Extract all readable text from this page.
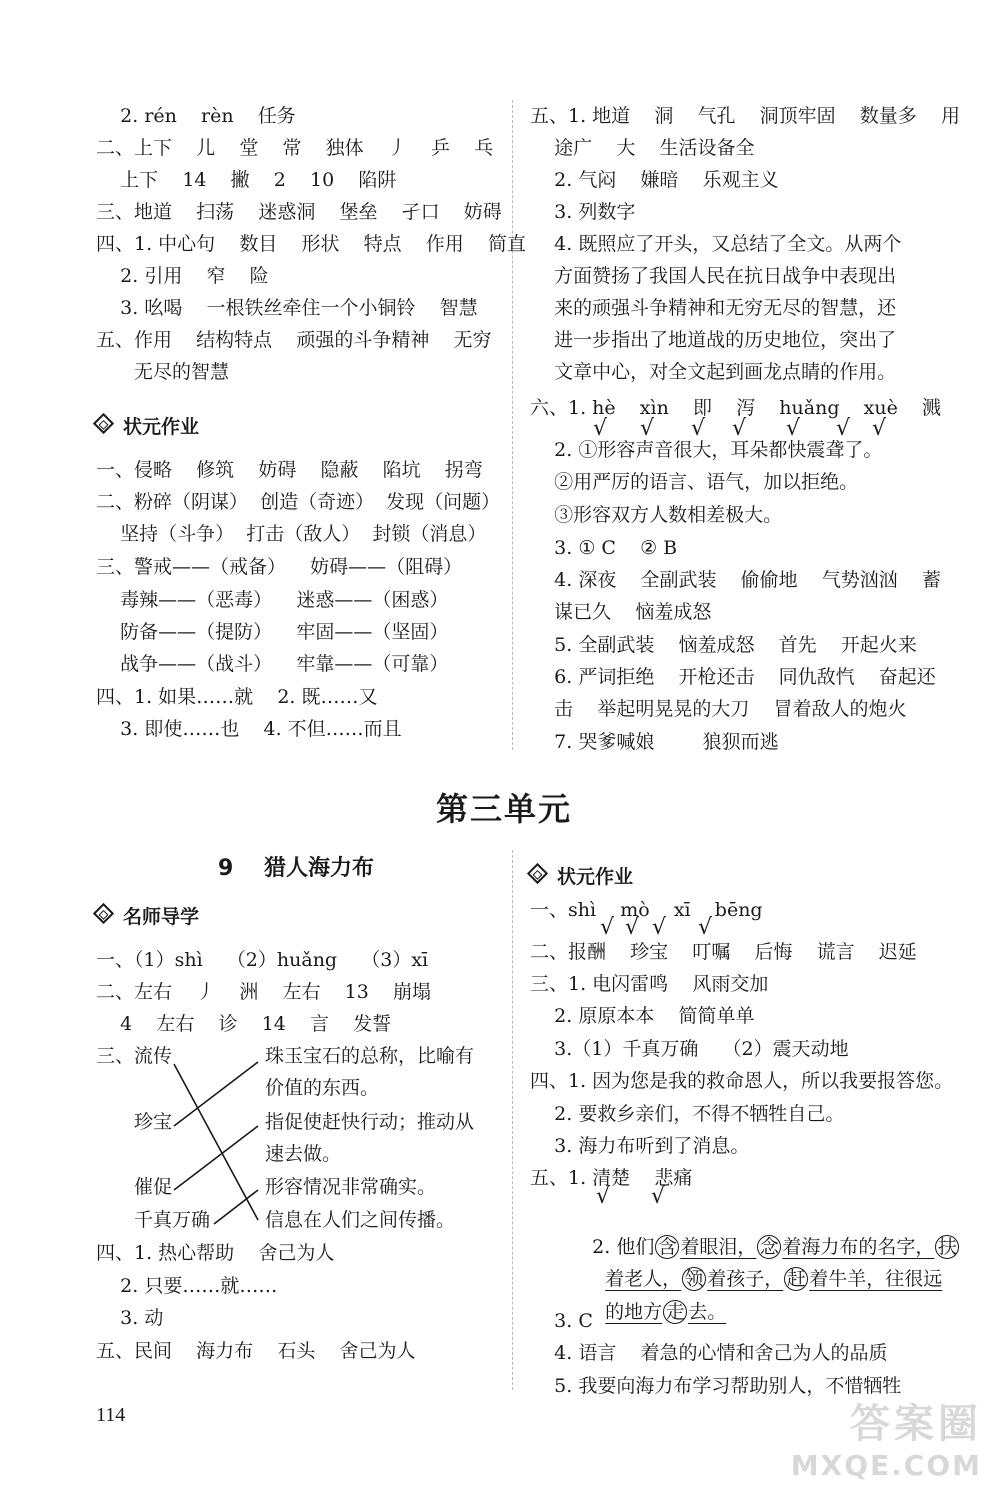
2. rén    rèn    任务
二、上下    儿    堂    常    独体    丿    乒    乓
上下    14    撇    2    10    陷阱
三、地道    扫荡    迷惑洞    堡垒    孑口    妨碍
四、1. 中心句    数目    形状    特点    作用    简直
2. 引用    窄    险
3. 吆喝    一根铁丝牵住一个小铜铃    智慧
五、作用    结构特点    顽强的斗争精神    无穷
无尽的智慧
状元作业
一、侵略    修筑    妨碍    隐蔽    陷坑    拐弯
二、粉碎（阴谋）  创造（奇迹）  发现（问题）
坚持（斗争）  打击（敌人）  封锁（消息）
三、警戒——（戒备）    妨碍——（阻碍）
毒辣——（恶毒）    迷惑——（困惑）
防备——（提防）    牢固——（坚固）
战争——（战斗）    牢靠——（可靠）
四、1. 如果……就    2. 既……又
3. 即使……也    4. 不但……而且
五、1. 地道    洞    气孔    洞顶牢固    数量多    用
途广    大    生活设备全
2. 气闷    嫌暗    乐观主义
3. 列数字
4. 既照应了开头，又总结了全文。从两个
方面赞扬了我国人民在抗日战争中表现出
来的顽强斗争精神和无穷无尽的智慧，还
进一步指出了地道战的历史地位，突出了
文章中心，对全文起到画龙点睛的作用。
六、1. hè    xìn    即    泻    huǎng    xuè    溅
√ √ √ √ √ √ √
2. ①形容声音很大，耳朵都快震聋了。
②用严厉的语言、语气，加以拒绝。
③形容双方人数相差极大。
3. ① C    ② B
4. 深夜    全副武装    偷偷地    气势汹汹    蓄
谋已久    恼羞成怒
5. 全副武装    恼羞成怒    首先    开起火来
6. 严词拒绝    开枪还击    同仇敌忾    奋起还
击    举起明晃晃的大刀    冒着敌人的炮火
7. 哭爹喊娘        狼狈而逃
第三单元
9    猎人海力布
名师导学
一、（1）shì    （2）huǎng    （3）xī
二、左右    丿    洲    左右    13    崩塌
4    左右    诊    14    言    发誓
三、 流传
珍宝
催促
千真万确
珠玉宝石的总称，比喻有
价值的东西。
指促使赶快行动；推动从
速去做。
形容情况非常确实。
信息在人们之间传播。
四、1. 热心帮助    舍己为人
2. 只要……就……
3. 动
五、民间    海力布    石头    舍己为人
状元作业
一、shì    mò    xī    bēng
√ √ √ √
二、报酬    珍宝    叮嘱    后悔    谎言    迟延
三、1. 电闪雷鸣    风雨交加
2. 原原本本    简简单单
3.（1）千真万确    （2）震天动地
四、1. 因为您是我的救命恩人，所以我要报答您。
2. 要救乡亲们，不得不牺牲自己。
3. 海力布听到了消息。
五、1. 清楚    悲痛
√ √

2. 他们 含 着眼泪， 念 着海力布的名字， 扶

着老人， 领 着孩子， 赶 着牛羊，往很远

的地方 走 去。

3. C
4. 语言    着急的心情和舍己为人的品质
5. 我要向海力布学习帮助别人，不惜牺牲
114	答案圈
MXQE.COM
